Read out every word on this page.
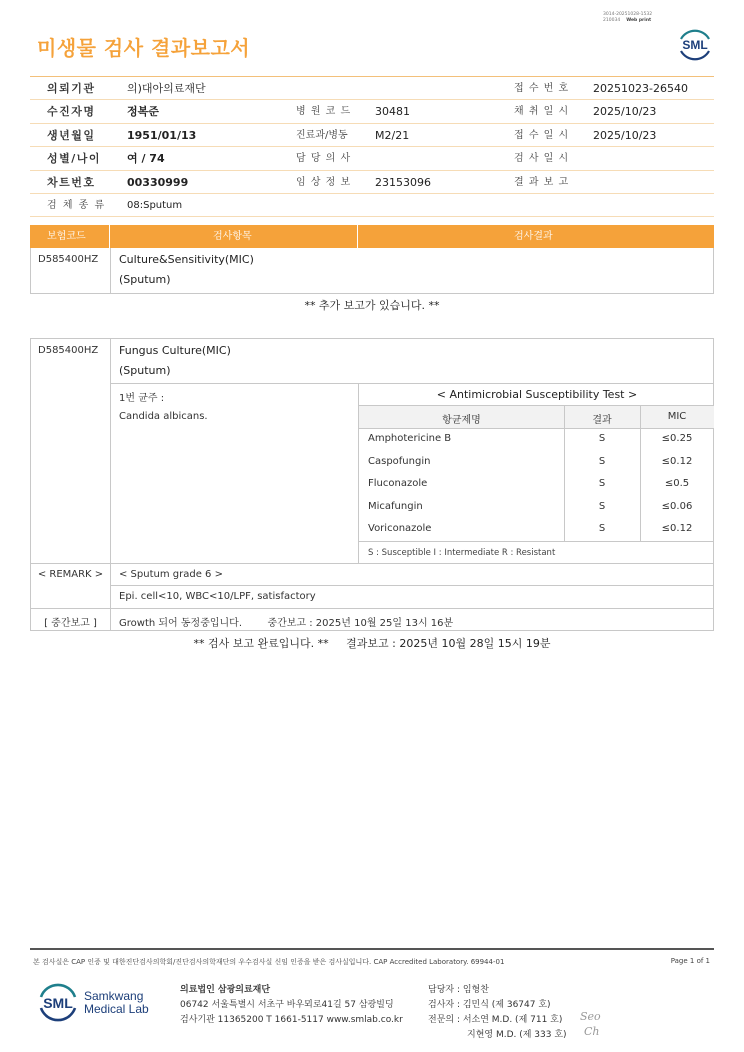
미생물 검사 결과보고서
3014-20251028-1532
210034 Web print
SML
의뢰기관	의)대아의료재단	접 수 번 호 20251023-26540
수진자명	정복준	병 원 코 드 30481	채 취 일 시 2025/10/23
생년월일	1951/01/13	진료과/병동 M2/21	접 수 일 시 2025/10/23
성별/나이 여 / 74	담 당 의 사	검 사 일 시
차트번호	00330999	임 상 정 보 23153096	결 과 보 고
검 체 종 류 08:Sputum
보험코드	검사항목	검사결과
D585400HZ Culture&Sensitivity(MIC)
(Sputum)
** 추가 보고가 있습니다. **
D585400HZ Fungus Culture(MIC)
(Sputum)
1번 균주 :
Candida albicans.
< Antimicrobial Susceptibility Test >
항균제명	결과	MIC
Amphotericine B	S	≤0.25
Caspofungin	S	≤0.12
Fluconazole	S	≤0.5
Micafungin	S	≤0.06
Voriconazole	S	≤0.12
S : Susceptible I : Intermediate R : Resistant
< REMARK >	< Sputum grade 6 >
Epi. cell<10, WBC<10/LPF, satisfactory
[ 중간보고 ]	Growth 되어 동정중입니다.        중간보고 : 2025년 10월 25일 13시 16분
** 검사 보고 완료입니다. **     결과보고 : 2025년 10월 28일 15시 19분
본 검사실은 CAP 인증 및 대한진단검사의학회/진단검사의학재단의 우수검사실 신임 인증을 받은 검사실입니다. CAP Accredited Laboratory. 69944-01	Page 1 of 1
SML Samkwang
Medical Lab
의료법인 삼광의료재단
06742 서울특별시 서초구 바우뫼로41길 57 삼광빌딩
검사기관 11365200 T 1661-5117 www.smlab.co.kr
담당자 : 임형찬
검사자 : 김민식 (제 36747 호)
전문의 : 서소연 M.D. (제 711 호)
지현영 M.D. (제 333 호)
Seo
Ch
